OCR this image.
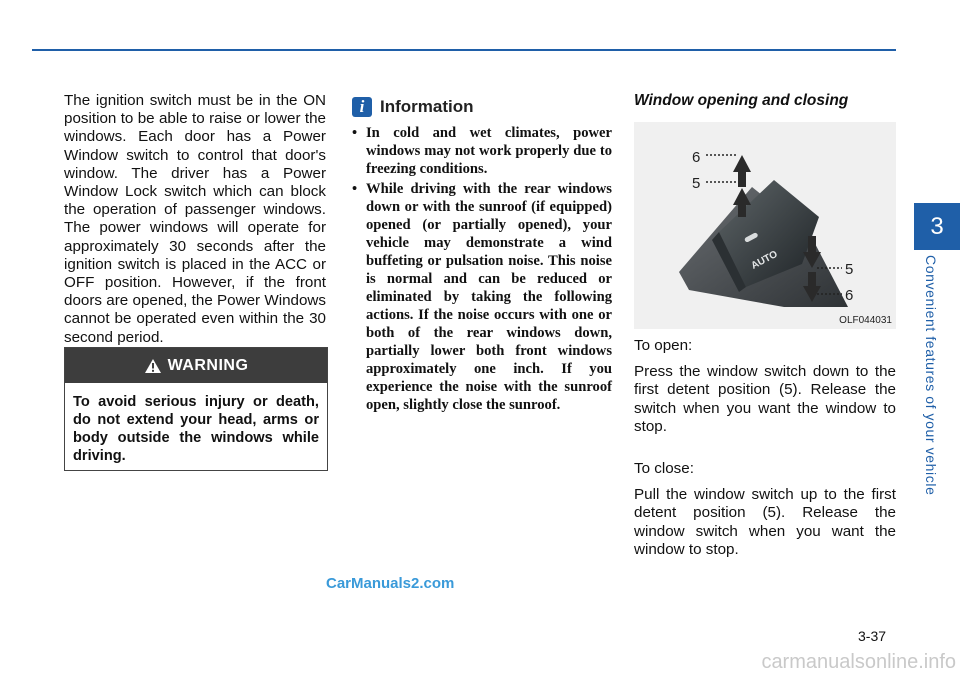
3
Convenient features of your vehicle

The ignition switch must be in the ON position to be able to raise or lower the windows. Each door has a Power Window switch to control that door's window. The driver has a Power Window Lock switch which can block the operation of passenger windows. The power windows will operate for approximately 30 seconds after the ignition switch is placed in the ACC or OFF position. However, if the front doors are opened, the Power Windows cannot be operated even within the 30 second period.

WARNING
To avoid serious injury or death, do not extend your head, arms or body outside the windows while driving.
i Information
• In cold and wet climates, power windows may not work properly due to freezing conditions.
• While driving with the rear windows down or with the sunroof (if equipped) opened (or partially opened), your vehicle may demonstrate a wind buffeting or pulsation noise. This noise is normal and can be reduced or eliminated by taking the following actions. If the noise occurs with one or both of the rear windows down, partially lower both front windows approximately one inch. If you experience the noise with the sunroof open, slightly close the sunroof.
Window opening and closing
AUTO
6
5
5
6
OLF044031

To open:

Press the window switch down to the first detent position (5). Release the switch when you want the window to stop.

To close:

Pull the window switch up to the first detent position (5). Release the window switch when you want the window to stop.

CarManuals2.com
3-37
carmanualsonline.info
